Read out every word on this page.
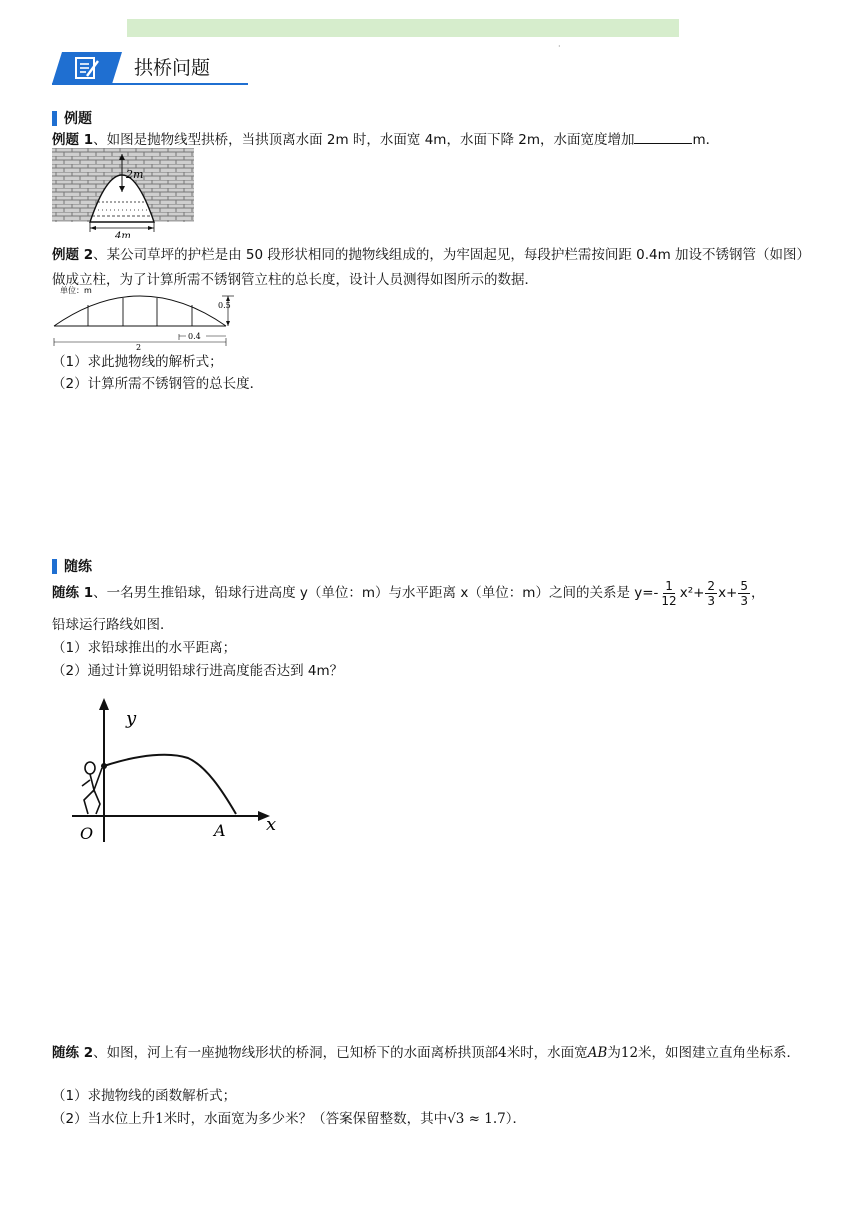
·
拱桥问题
例题
例题 1、如图是抛物线型拱桥，当拱顶离水面 2m 时，水面宽 4m，水面下降 2m，水面宽度增加	m．
2m
4m
例题 2、某公司草坪的护栏是由 50 段形状相同的抛物线组成的，为牢固起见，每段护栏需按间距 0.4m 加设不锈钢管（如图）做成立柱，为了计算所需不锈钢管立柱的总长度，设计人员测得如图所示的数据．
单位：m
0.5
2
0.4
（1）求此抛物线的解析式；
（2）计算所需不锈钢管的总长度．
随练
随练 1、一名男生推铅球，铅球行进高度 y（单位：m）与水平距离 x（单位：m）之间的关系是 $y=- \frac{1}{12} x^2+ \frac{2}{3} x+ \frac{5}{3}$ ，
铅球运行路线如图．
（1）求铅球推出的水平距离；
（2）通过计算说明铅球行进高度能否达到 4m？
y
x
O	A
随练 2、如图，河上有一座抛物线形状的桥洞，已知桥下的水面离桥拱顶部4米时，水面宽AB为12米，如图建立直角坐标系．
（1）求抛物线的函数解析式；
（2）当水位上升1米时，水面宽为多少米？（答案保留整数，其中√3 ≈ 1.7）．
